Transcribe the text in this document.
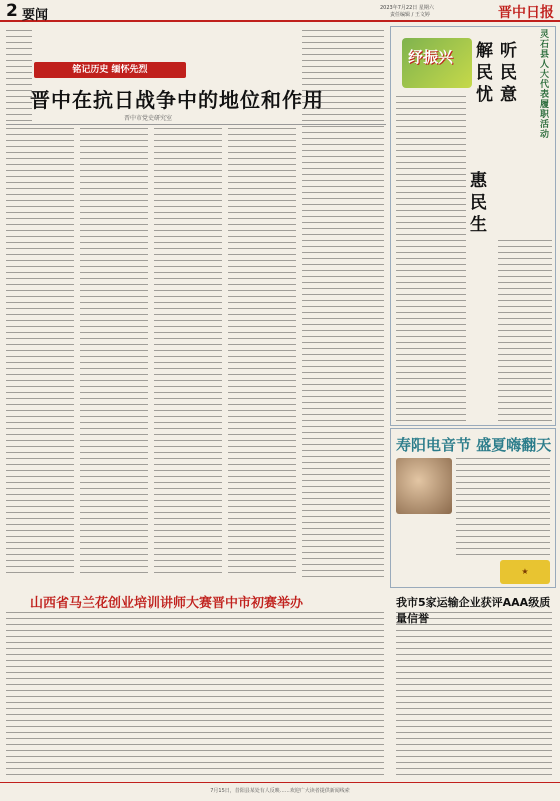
2 要闻	2023年7月22日 星期六
责任编辑 / 王文婷	晋中日报
铭记历史 缅怀先烈
晋中在抗日战争中的地位和作用
晋中市党史研究室
灵石县人大代表履职活动
纾振兴	听民意
解民忧
惠民生
寿阳电音节 盛夏嗨翻天
★
我市5家运输企业获评AAA级质量信誉
山西省马兰花创业培训讲师大赛晋中市初赛举办
7月15日，昔阳县某处有人反映……欢迎广大读者提供新闻线索
